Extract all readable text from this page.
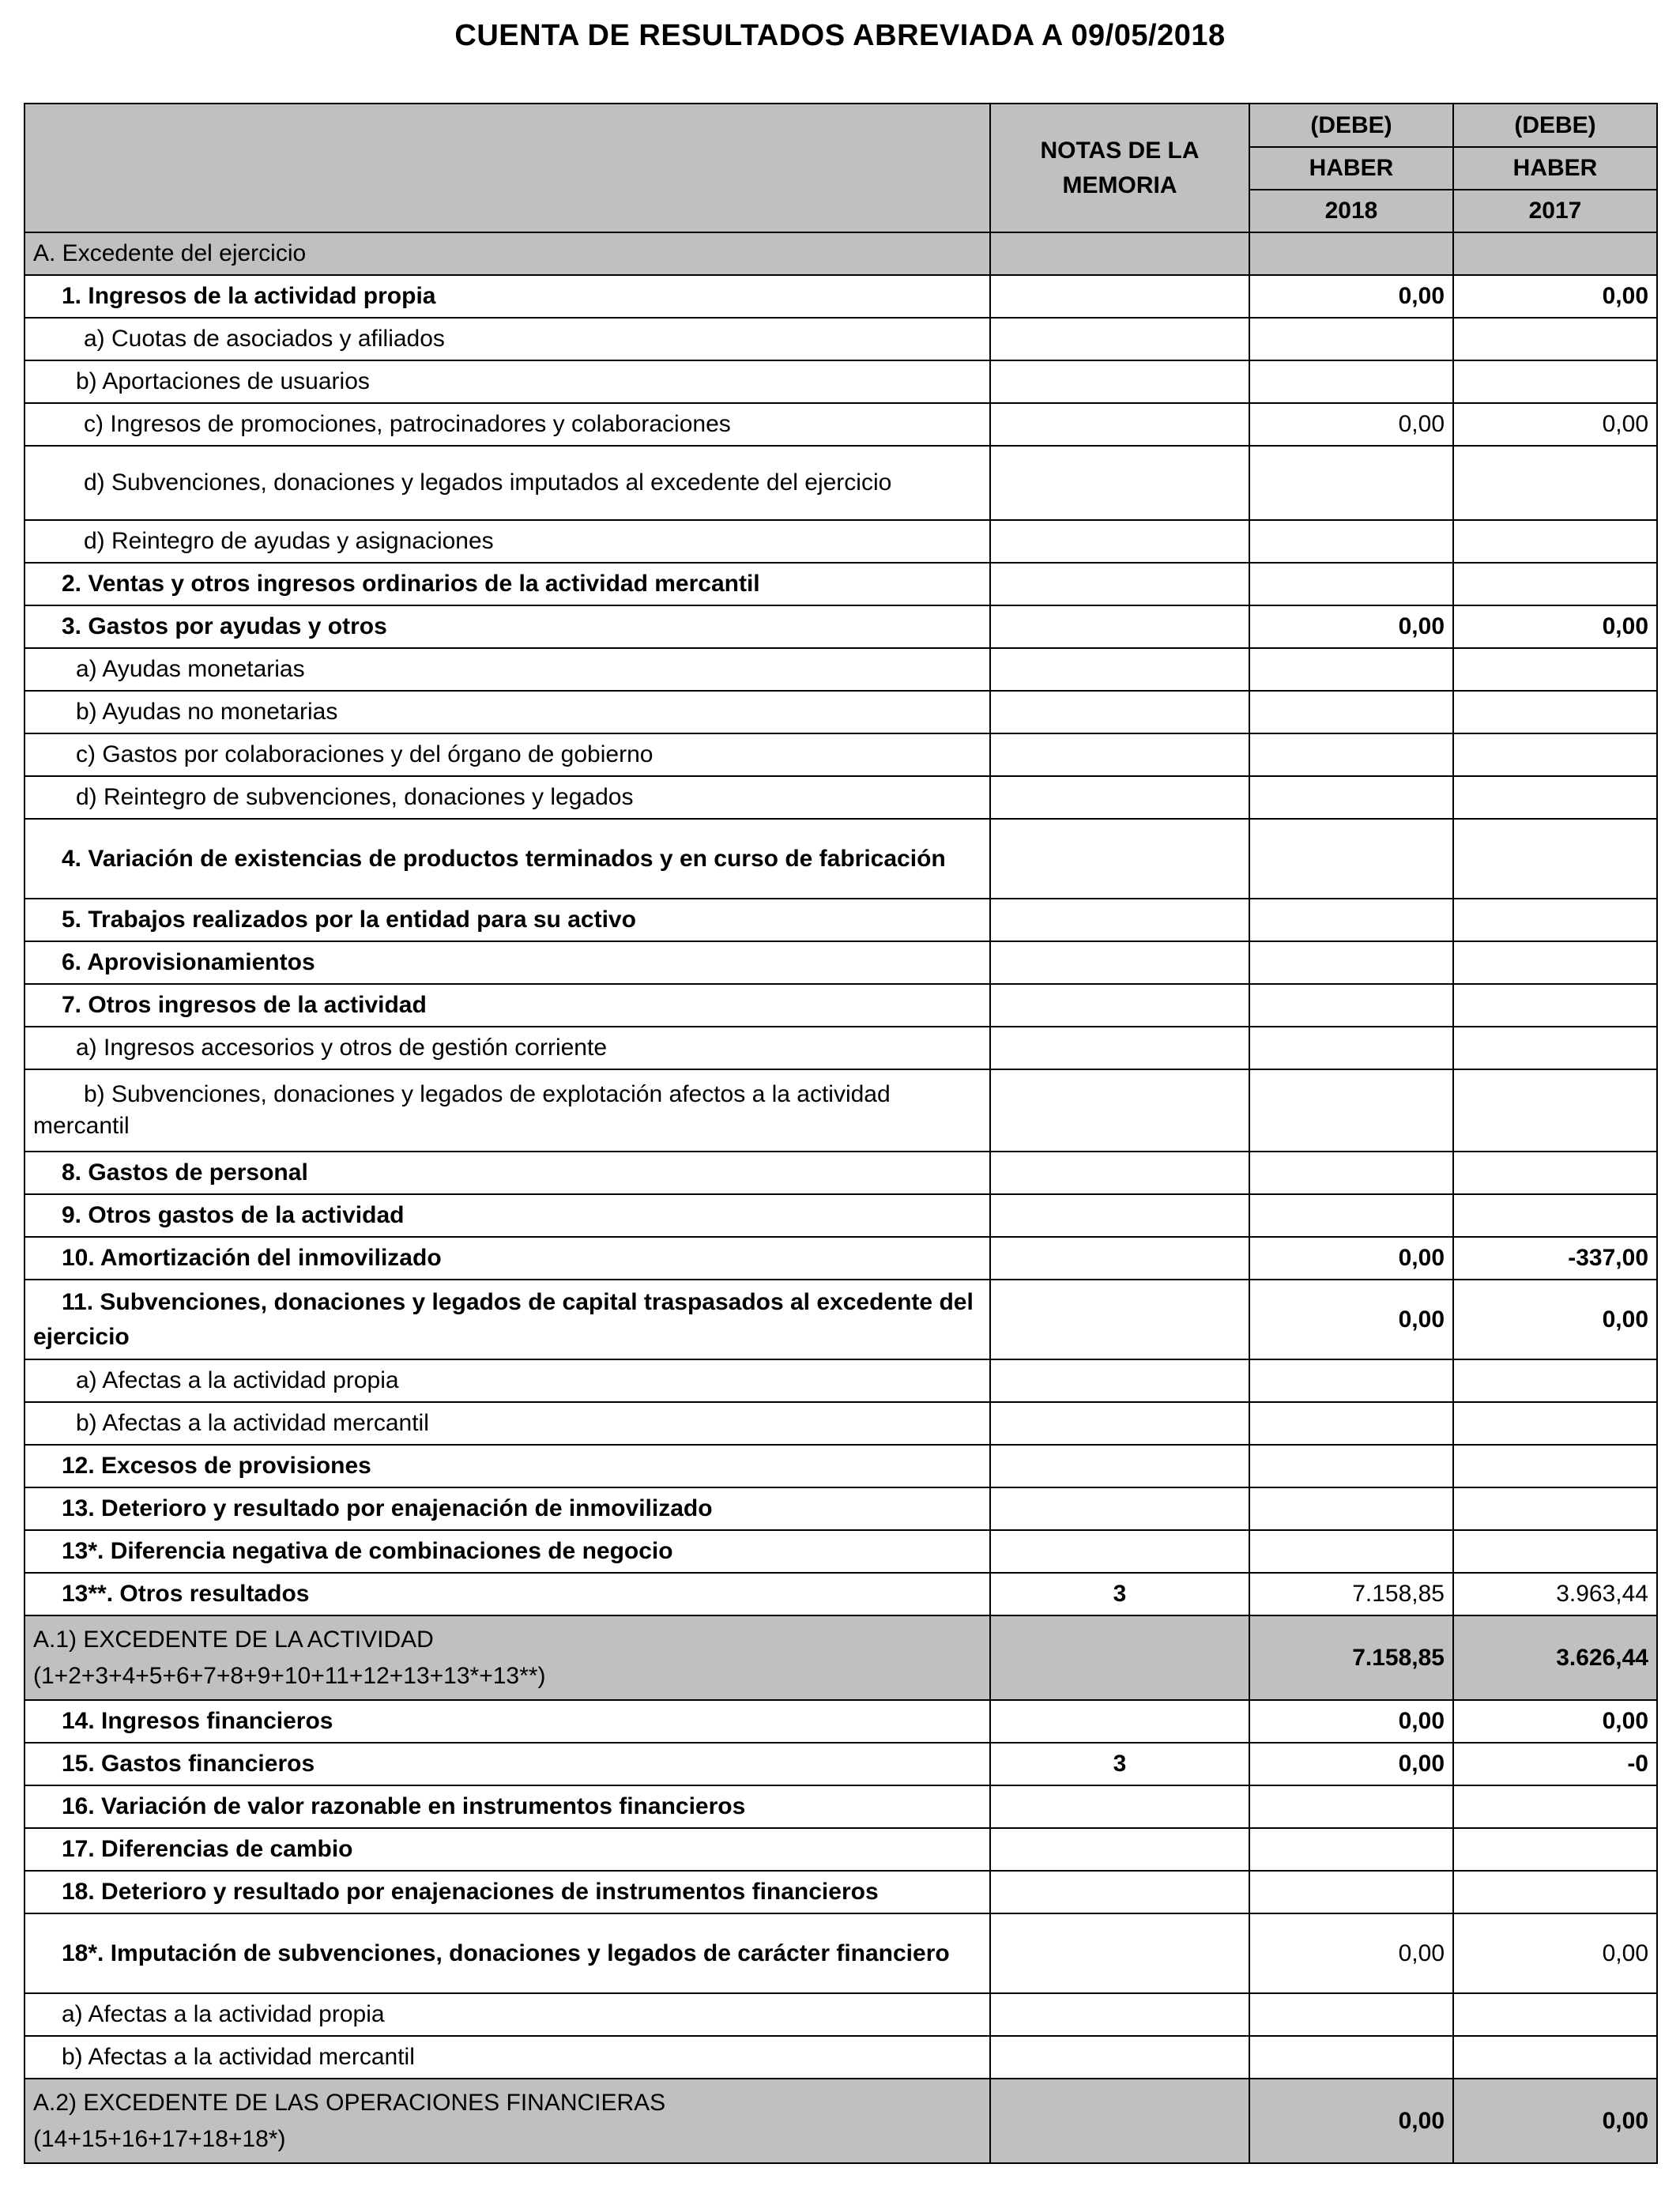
CUENTA DE RESULTADOS ABREVIADA A 09/05/2018
	NOTAS DE LA MEMORIA	(DEBE)	(DEBE)
		HABER	HABER
		2018	2017
A. Excedente del ejercicio			
1. Ingresos de la actividad propia		0,00	0,00
a) Cuotas de asociados y afiliados			
b) Aportaciones de usuarios			
c) Ingresos de promociones, patrocinadores y colaboraciones		0,00	0,00
d) Subvenciones, donaciones y legados imputados al excedente del ejercicio			
d) Reintegro de ayudas y asignaciones			
2. Ventas y otros ingresos ordinarios de la actividad mercantil			
3. Gastos por ayudas y otros		0,00	0,00
a) Ayudas monetarias			
b) Ayudas no monetarias			
c) Gastos por colaboraciones y del órgano de gobierno			
d) Reintegro de subvenciones, donaciones y legados			
4. Variación de existencias de productos terminados y en curso de fabricación			
5. Trabajos realizados por la entidad para su activo			
6. Aprovisionamientos			
7. Otros ingresos de la actividad			
a) Ingresos accesorios y otros de gestión corriente			
b) Subvenciones, donaciones y legados de explotación afectos a la actividad mercantil			
8. Gastos de personal			
9. Otros gastos de la actividad			
10. Amortización del inmovilizado		0,00	-337,00
11. Subvenciones, donaciones y legados de capital traspasados al excedente del ejercicio		0,00	0,00
a) Afectas a la actividad propia			
b) Afectas a la actividad mercantil			
12. Excesos de provisiones			
13. Deterioro y resultado por enajenación de inmovilizado			
13*. Diferencia negativa de combinaciones de negocio			
13**. Otros resultados	3	7.158,85	3.963,44
A.1) EXCEDENTE DE LA ACTIVIDAD
(1+2+3+4+5+6+7+8+9+10+11+12+13+13*+13**)		7.158,85	3.626,44
14. Ingresos financieros		0,00	0,00
15. Gastos financieros	3	0,00	-0
16. Variación de valor razonable en instrumentos financieros			
17. Diferencias de cambio			
18. Deterioro y resultado por enajenaciones de instrumentos financieros			
18*. Imputación de subvenciones, donaciones y legados de carácter financiero		0,00	0,00
a) Afectas a la actividad propia			
b) Afectas a la actividad mercantil			
A.2) EXCEDENTE DE LAS OPERACIONES FINANCIERAS
(14+15+16+17+18+18*)		0,00	0,00
